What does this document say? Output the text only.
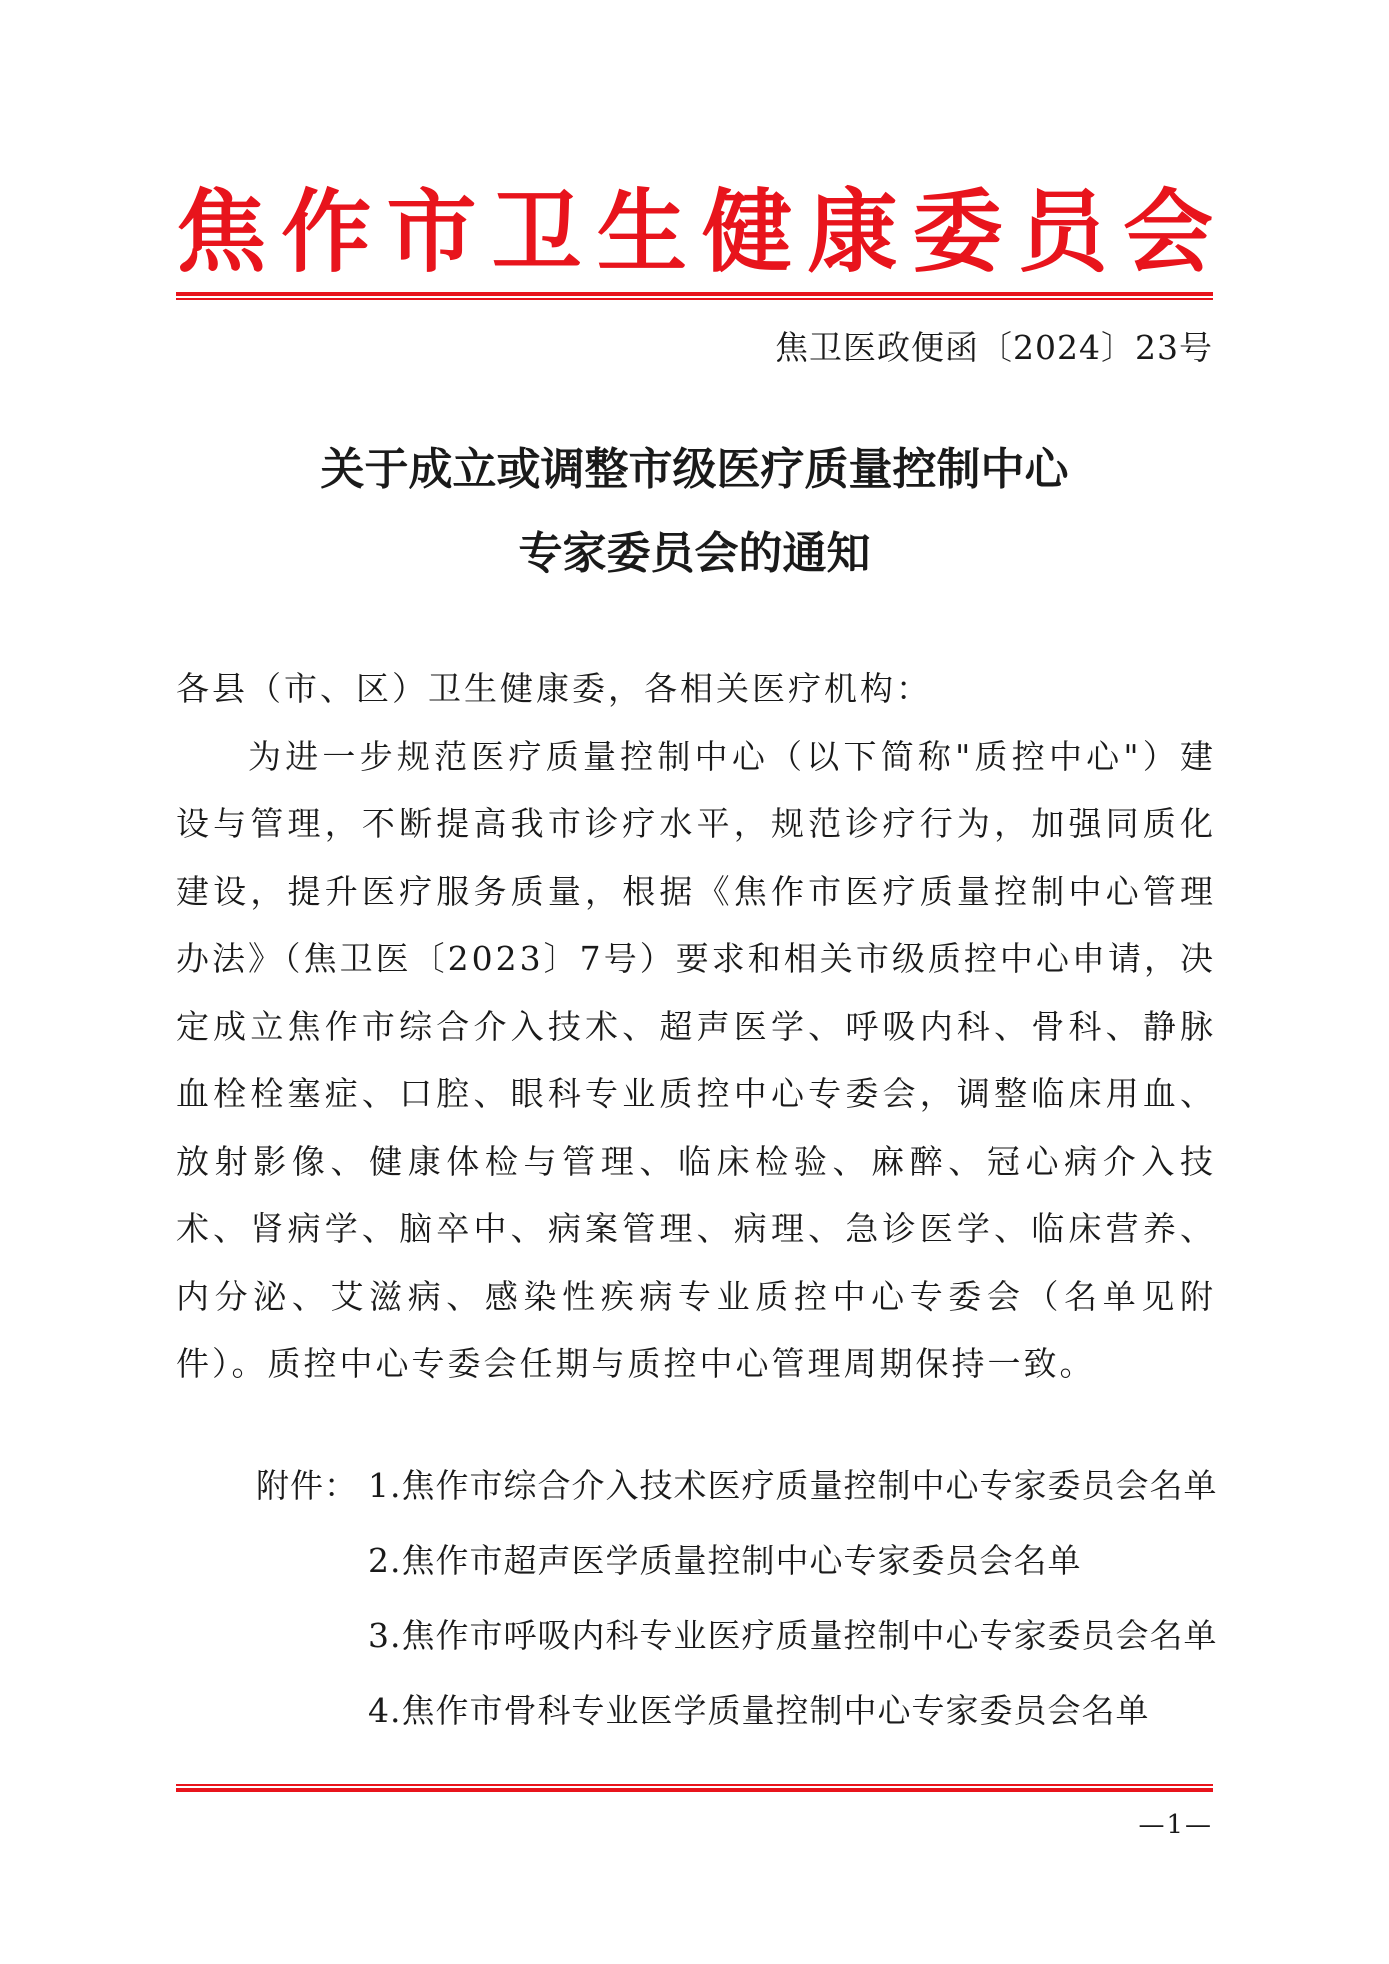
焦 作 市 卫 生 健 康 委 员 会
焦卫医政便函〔2024〕23号
关于成立或调整市级医疗质量控制中心
专家委员会的通知

各县（市、区）卫生健康委，各相关医疗机构：

为进一步规范医疗质量控制中心（以下简称"质控中心"）建设与管理，不断提高我市诊疗水平，规范诊疗行为，加强同质化建设，提升医疗服务质量，根据《焦作市医疗质量控制中心管理办法》（焦卫医〔2023〕7号）要求和相关市级质控中心申请，决定成立焦作市综合介入技术、超声医学、呼吸内科、骨科、静脉血栓栓塞症、口腔、眼科专业质控中心专委会，调整临床用血、放射影像、健康体检与管理、临床检验、麻醉、冠心病介入技术、肾病学、脑卒中、病案管理、病理、急诊医学、临床营养、内分泌、艾滋病、感染性疾病专业质控中心专委会（名单见附件）。质控中心专委会任期与质控中心管理周期保持一致。

附件： 1.焦作市综合介入技术医疗质量控制中心专家委员会名单
2.焦作市超声医学质量控制中心专家委员会名单
3.焦作市呼吸内科专业医疗质量控制中心专家委员会名单
4.焦作市骨科专业医学质量控制中心专家委员会名单
—1—
